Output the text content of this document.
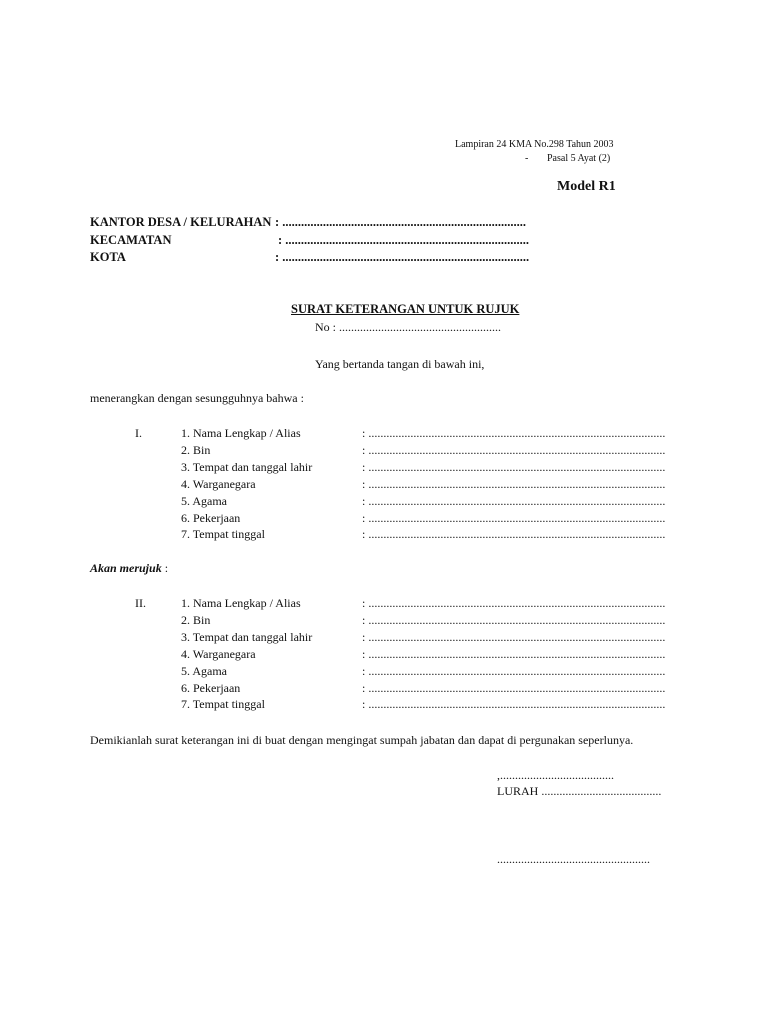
Lampiran 24 KMA No.298 Tahun 2003
- Pasal 5 Ayat (2)
Model R1
KANTOR DESA / KELURAHAN : ..............................................................................
KECAMATAN	: ..............................................................................
KOTA	: ...............................................................................
SURAT KETERANGAN UNTUK RUJUK
No : ......................................................
Yang bertanda tangan di bawah ini,
menerangkan dengan sesungguhnya bahwa :
I.	1. Nama Lengkap / Alias	: ...................................................................................................
2. Bin	: ...................................................................................................
3. Tempat dan tanggal lahir	: ...................................................................................................
4. Warganegara	: ...................................................................................................
5. Agama	: ...................................................................................................
6. Pekerjaan	: ...................................................................................................
7. Tempat tinggal	: ...................................................................................................
Akan merujuk :
II.	1. Nama Lengkap / Alias	: ...................................................................................................
2. Bin	: ...................................................................................................
3. Tempat dan tanggal lahir	: ...................................................................................................
4. Warganegara	: ...................................................................................................
5. Agama	: ...................................................................................................
6. Pekerjaan	: ...................................................................................................
7. Tempat tinggal	: ...................................................................................................
Demikianlah surat keterangan ini di buat dengan mengingat sumpah jabatan dan dapat di pergunakan seperlunya.
,......................................
LURAH ........................................
...................................................
